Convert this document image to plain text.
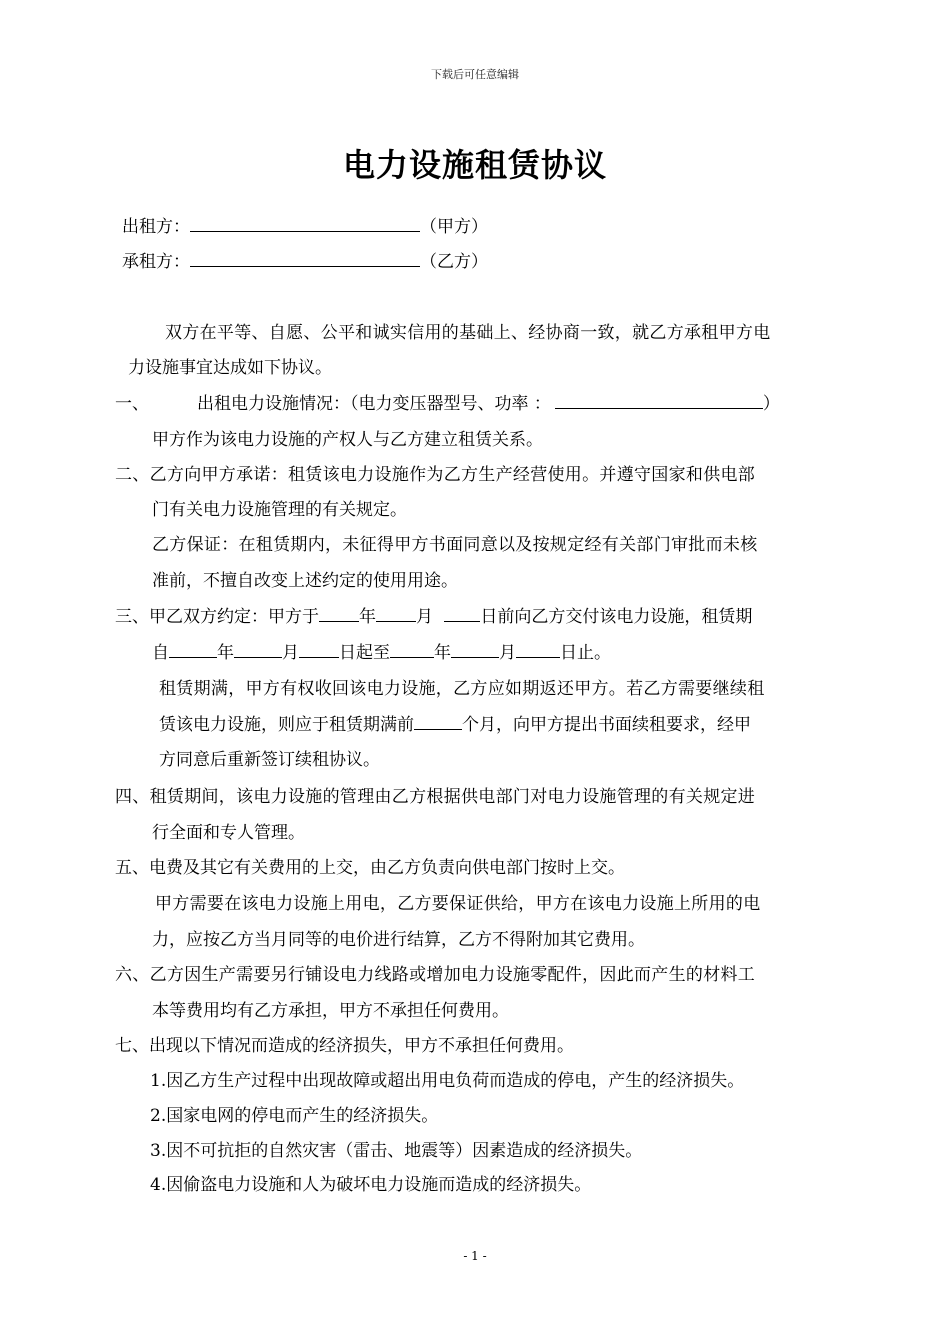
下载后可任意编辑
电力设施租赁协议
出租方：	（甲方）
承租方：	（乙方）
双方在平等、自愿、公平和诚实信用的基础上、经协商一致，就乙方承租甲方电
力设施事宜达成如下协议。
一、	出租电力设施情况：（电力变压器型号、功率 ：	）
甲方作为该电力设施的产权人与乙方建立租赁关系。
二、乙方向甲方承诺：租赁该电力设施作为乙方生产经营使用。并遵守国家和供电部
门有关电力设施管理的有关规定。
乙方保证：在租赁期内，未征得甲方书面同意以及按规定经有关部门审批而未核
准前，不擅自改变上述约定的使用用途。
三、甲乙双方约定：甲方于 年 月 日前向乙方交付该电力设施，租赁期
自	年	月 日起至	年	月	日止。
租赁期满，甲方有权收回该电力设施，乙方应如期返还甲方。若乙方需要继续租
赁该电力设施，则应于租赁期满前	个月，向甲方提出书面续租要求，经甲
方同意后重新签订续租协议。
四、租赁期间，该电力设施的管理由乙方根据供电部门对电力设施管理的有关规定进
行全面和专人管理。
五、电费及其它有关费用的上交，由乙方负责向供电部门按时上交。
甲方需要在该电力设施上用电，乙方要保证供给，甲方在该电力设施上所用的电
力，应按乙方当月同等的电价进行结算，乙方不得附加其它费用。
六、乙方因生产需要另行铺设电力线路或增加电力设施零配件，因此而产生的材料工
本等费用均有乙方承担，甲方不承担任何费用。
七、出现以下情况而造成的经济损失，甲方不承担任何费用。
1.因乙方生产过程中出现故障或超出用电负荷而造成的停电，产生的经济损失。
2.国家电网的停电而产生的经济损失。
3.因不可抗拒的自然灾害（雷击、地震等）因素造成的经济损失。
4.因偷盗电力设施和人为破坏电力设施而造成的经济损失。
- 1 -
